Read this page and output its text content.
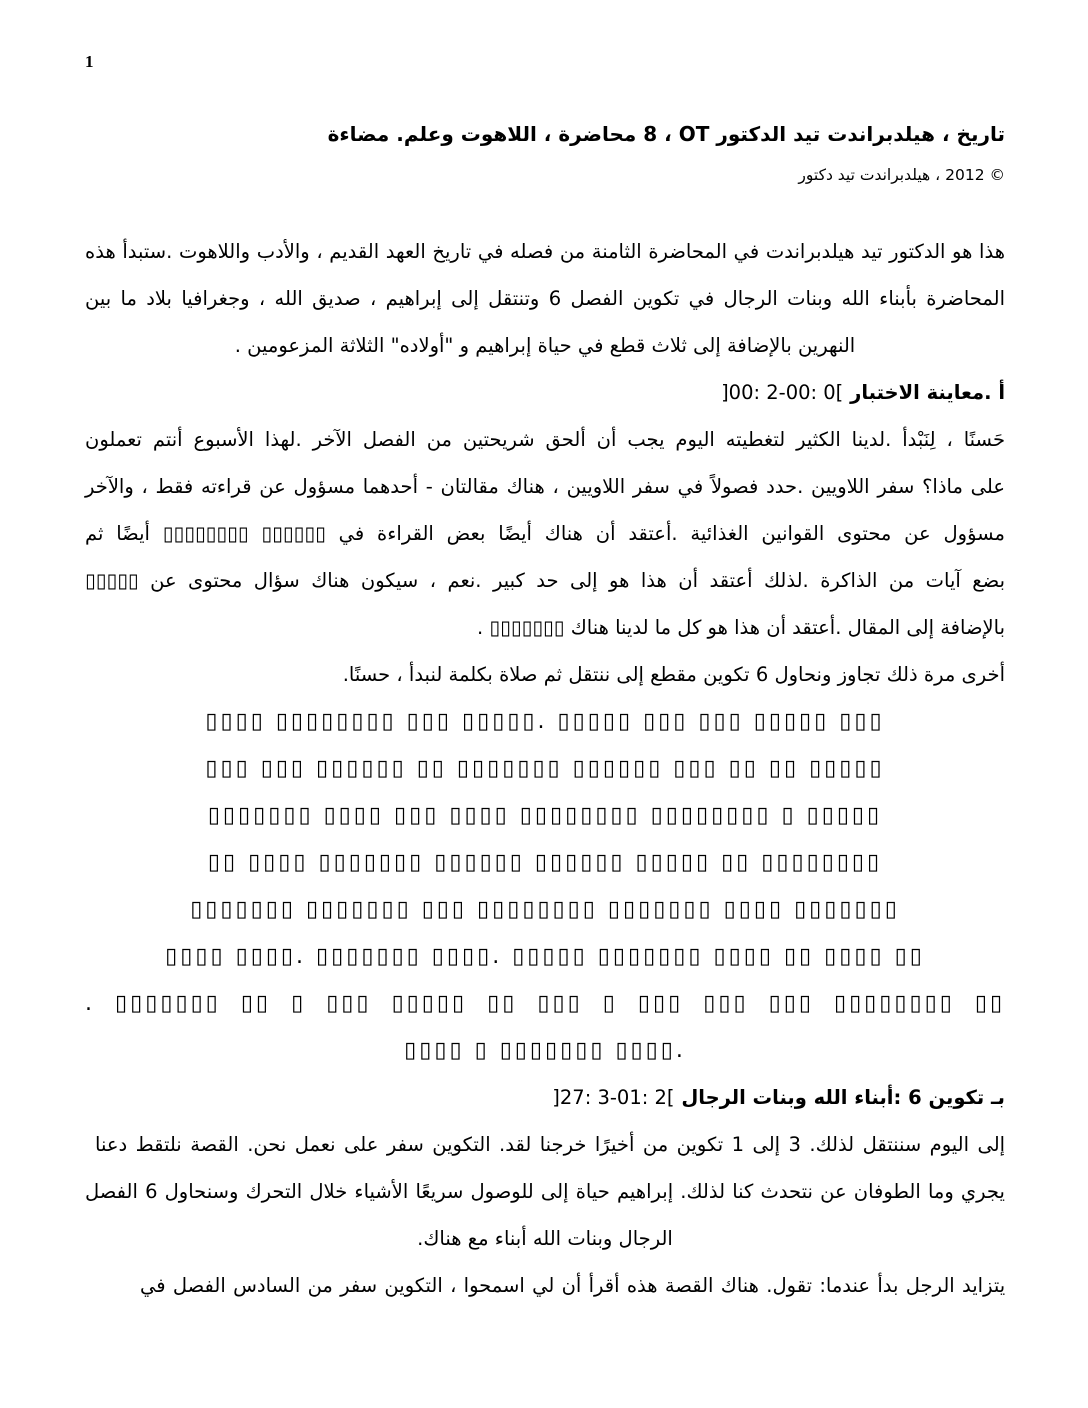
1
مضاءة .وعلم اللاهوت ، محاضرة 8 ، OT الدكتور تيد هيلدبراندت ، تاريخ
دكتور تيد هيلدبراندت ، 2012 ©
هذا هو الدكتور تيد هيلدبراندت في المحاضرة الثامنة من فصله في تاريخ العهد القديم ، والأدب واللاهوت .ستبدأ هذه
المحاضرة بأبناء الله وبنات الرجال في تكوين الفصل 6 وتنتقل إلى إبراهيم ، صديق الله ، وجغرافيا بلاد ما بين
النهرين بالإضافة إلى ثلاث قطع في حياة إبراهيم و "أولاده" الثلاثة المزعومين .
أ .معاينة الاختبار ]00: 2-00: 0[
حَسنًا ، لِنَبْدأ .لدينا الكثير لتغطيته اليوم يجب أن ألحق شريحتين من الفصل الآخر .لهذا الأسبوع أنتم تعملون
على ماذا؟ سفر اللاويين .حدد فصولاً في سفر اللاويين ، هناك مقالتان - أحدهما مسؤول عن قراءته فقط ، والآخر
مسؤول عن محتوى القوانين الغذائية .أعتقد أن هناك أيضًا بعض القراءة في ▯▯▯▯▯▯ ▯▯▯▯▯▯▯▯ أيضًا ثم
بضع آيات من الذاكرة .لذلك أعتقد أن هذا هو إلى حد كبير .نعم ، سيكون هناك سؤال محتوى عن ▯▯▯▯▯
بالإضافة إلى المقال .أعتقد أن هذا هو كل ما لدينا هناك ▯▯▯▯▯▯▯ .
.حسنًا ، لنبدأ بكلمة صلاة ثم ننتقل إلى مقطع تكوين 6 ونحاول تجاوز ذلك مرة أخرى
▯▯▯▯ ▯▯▯▯▯▯▯▯ ▯▯▯ ▯▯▯▯▯. ▯▯▯▯▯ ▯▯▯ ▯▯▯ ▯▯▯▯▯ ▯▯▯
▯▯▯ ▯▯▯ ▯▯▯▯▯▯ ▯▯ ▯▯▯▯▯▯▯ ▯▯▯▯▯▯ ▯▯▯ ▯▯ ▯▯ ▯▯▯▯▯
▯▯▯▯▯▯▯ ▯▯▯▯ ▯▯▯ ▯▯▯▯ ▯▯▯▯▯▯▯▯ ▯▯▯▯▯▯▯▯ ▯ ▯▯▯▯▯
▯▯ ▯▯▯▯ ▯▯▯▯▯▯▯ ▯▯▯▯▯▯ ▯▯▯▯▯▯ ▯▯▯▯▯ ▯▯ ▯▯▯▯▯▯▯▯
▯▯▯▯▯▯▯ ▯▯▯▯▯▯▯ ▯▯▯ ▯▯▯▯▯▯▯▯ ▯▯▯▯▯▯▯ ▯▯▯▯ ▯▯▯▯▯▯▯
▯▯▯▯ ▯▯▯▯. ▯▯▯▯▯▯▯ ▯▯▯▯. ▯▯▯▯▯ ▯▯▯▯▯▯▯ ▯▯▯▯ ▯▯ ▯▯▯▯ ▯▯
. ▯▯▯▯▯▯▯ ▯▯ ▯ ▯▯▯ ▯▯▯▯▯ ▯▯ ▯▯▯ ▯ ▯▯▯ ▯▯▯ ▯▯▯ ▯▯▯▯▯▯▯▯ ▯▯
▯▯▯▯ ▯ ▯▯▯▯▯▯▯ ▯▯▯▯.
بـ تكوين 6 :أبناء الله وبنات الرجال ]27: 3-01: 2[
دعنا نلتقط القصة .نحن نعمل على سفر التكوين .لقد خرجنا أخيرًا من تكوين 1 إلى 3 .لذلك سننتقل اليوم إلى
الفصل 6 وسنحاول التحرك خلال الأشياء سريعًا للوصول إلى حياة إبراهيم .لذلك كنا نتحدث عن الطوفان وما يجري
.هناك مع أبناء الله وبنات الرجال
في الفصل السادس من سفر التكوين ، اسمحوا لي أن أقرأ هذه القصة هناك .تقول :عندما بدأ الرجل يتزايد
